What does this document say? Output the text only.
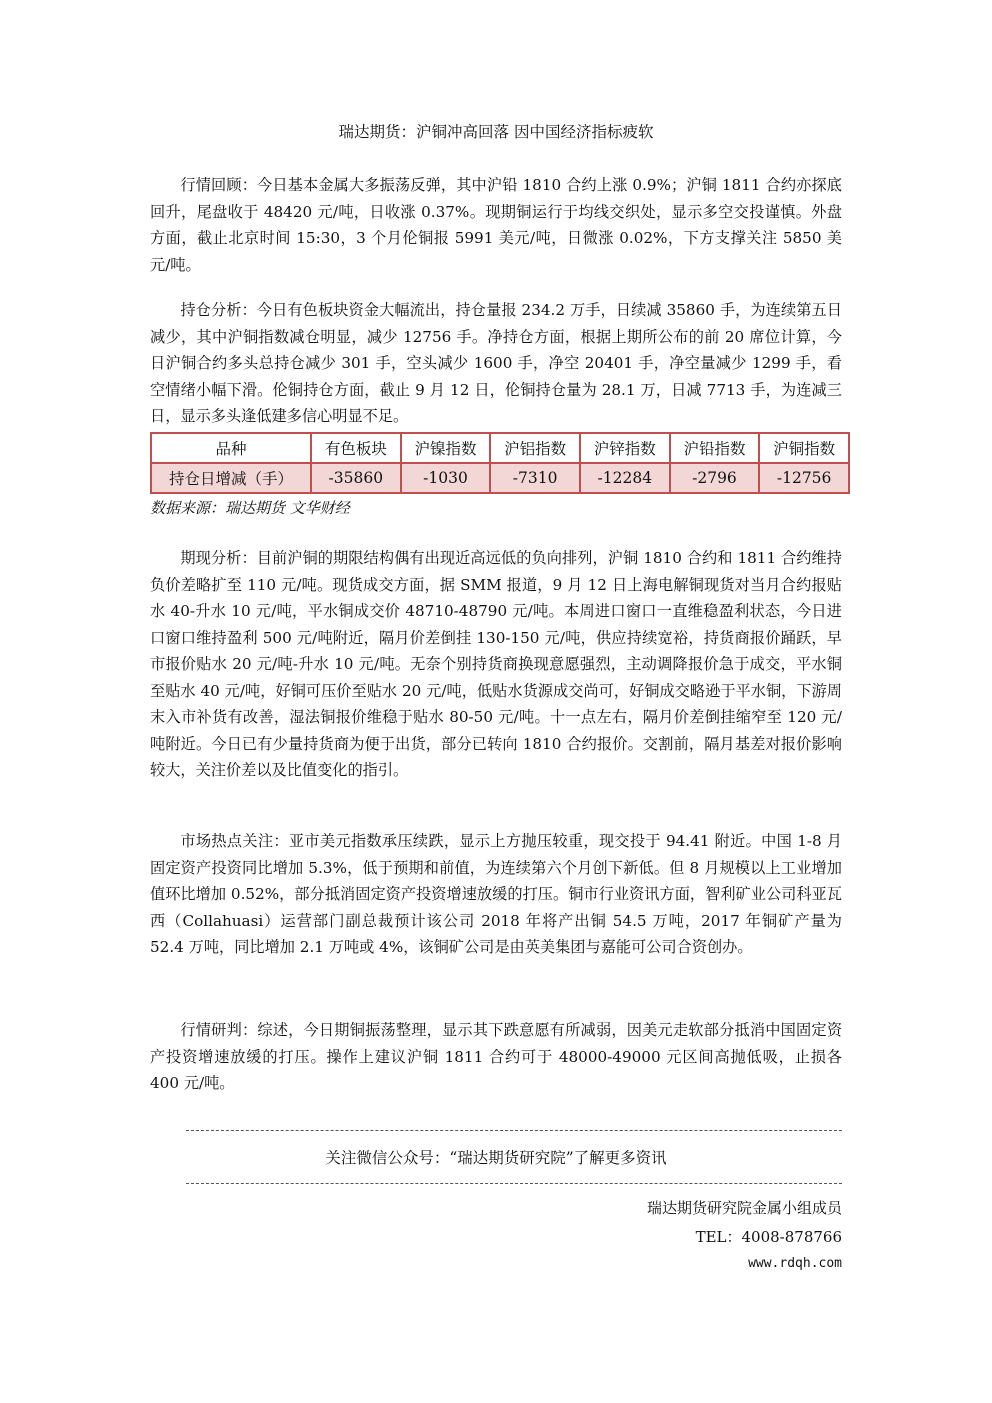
瑞达期货：沪铜冲高回落 因中国经济指标疲软

行情回顾：今日基本金属大多振荡反弹，其中沪铅 1810 合约上涨 0.9%；沪铜 1811 合约亦探底回升，尾盘收于 48420 元/吨，日收涨 0.37%。现期铜运行于均线交织处，显示多空交投谨慎。外盘方面，截止北京时间 15:30，3 个月伦铜报 5991 美元/吨，日微涨 0.02%，下方支撑关注 5850 美元/吨。

持仓分析：今日有色板块资金大幅流出，持仓量报 234.2 万手，日续减 35860 手，为连续第五日减少，其中沪铜指数减仓明显，减少 12756 手。净持仓方面，根据上期所公布的前 20 席位计算，今日沪铜合约多头总持仓减少 301 手，空头减少 1600 手，净空 20401 手，净空量减少 1299 手，看空情绪小幅下滑。伦铜持仓方面，截止 9 月 12 日，伦铜持仓量为 28.1 万，日减 7713 手，为连减三日，显示多头逢低建多信心明显不足。

品种	有色板块	沪镍指数	沪铝指数	沪锌指数	沪铅指数	沪铜指数
持仓日增减（手）	-35860	-1030	-7310	-12284	-2796	-12756
数据来源：瑞达期货 文华财经

期现分析：目前沪铜的期限结构偶有出现近高远低的负向排列，沪铜 1810 合约和 1811 合约维持负价差略扩至 110 元/吨。现货成交方面，据 SMM 报道，9 月 12 日上海电解铜现货对当月合约报贴水 40-升水 10 元/吨，平水铜成交价 48710-48790 元/吨。本周进口窗口一直维稳盈利状态，今日进口窗口维持盈利 500 元/吨附近，隔月价差倒挂 130-150 元/吨，供应持续宽裕，持货商报价踊跃，早市报价贴水 20 元/吨-升水 10 元/吨。无奈个别持货商换现意愿强烈，主动调降报价急于成交，平水铜至贴水 40 元/吨，好铜可压价至贴水 20 元/吨，低贴水货源成交尚可，好铜成交略逊于平水铜，下游周末入市补货有改善，湿法铜报价维稳于贴水 80-50 元/吨。十一点左右，隔月价差倒挂缩窄至 120 元/吨附近。今日已有少量持货商为便于出货，部分已转向 1810 合约报价。交割前，隔月基差对报价影响较大，关注价差以及比值变化的指引。

市场热点关注：亚市美元指数承压续跌，显示上方抛压较重，现交投于 94.41 附近。中国 1-8 月固定资产投资同比增加 5.3%，低于预期和前值，为连续第六个月创下新低。但 8 月规模以上工业增加值环比增加 0.52%，部分抵消固定资产投资增速放缓的打压。铜市行业资讯方面，智利矿业公司科亚瓦西（Collahuasi）运营部门副总裁预计该公司 2018 年将产出铜 54.5 万吨，2017 年铜矿产量为 52.4 万吨，同比增加 2.1 万吨或 4%，该铜矿公司是由英美集团与嘉能可公司合资创办。

行情研判：综述，今日期铜振荡整理，显示其下跌意愿有所减弱，因美元走软部分抵消中国固定资产投资增速放缓的打压。操作上建议沪铜 1811 合约可于 48000-49000 元区间高抛低吸，止损各 400 元/吨。

关注微信公众号：“瑞达期货研究院”了解更多资讯
瑞达期货研究院金属小组成员
TEL：4008-878766
www.rdqh.com
